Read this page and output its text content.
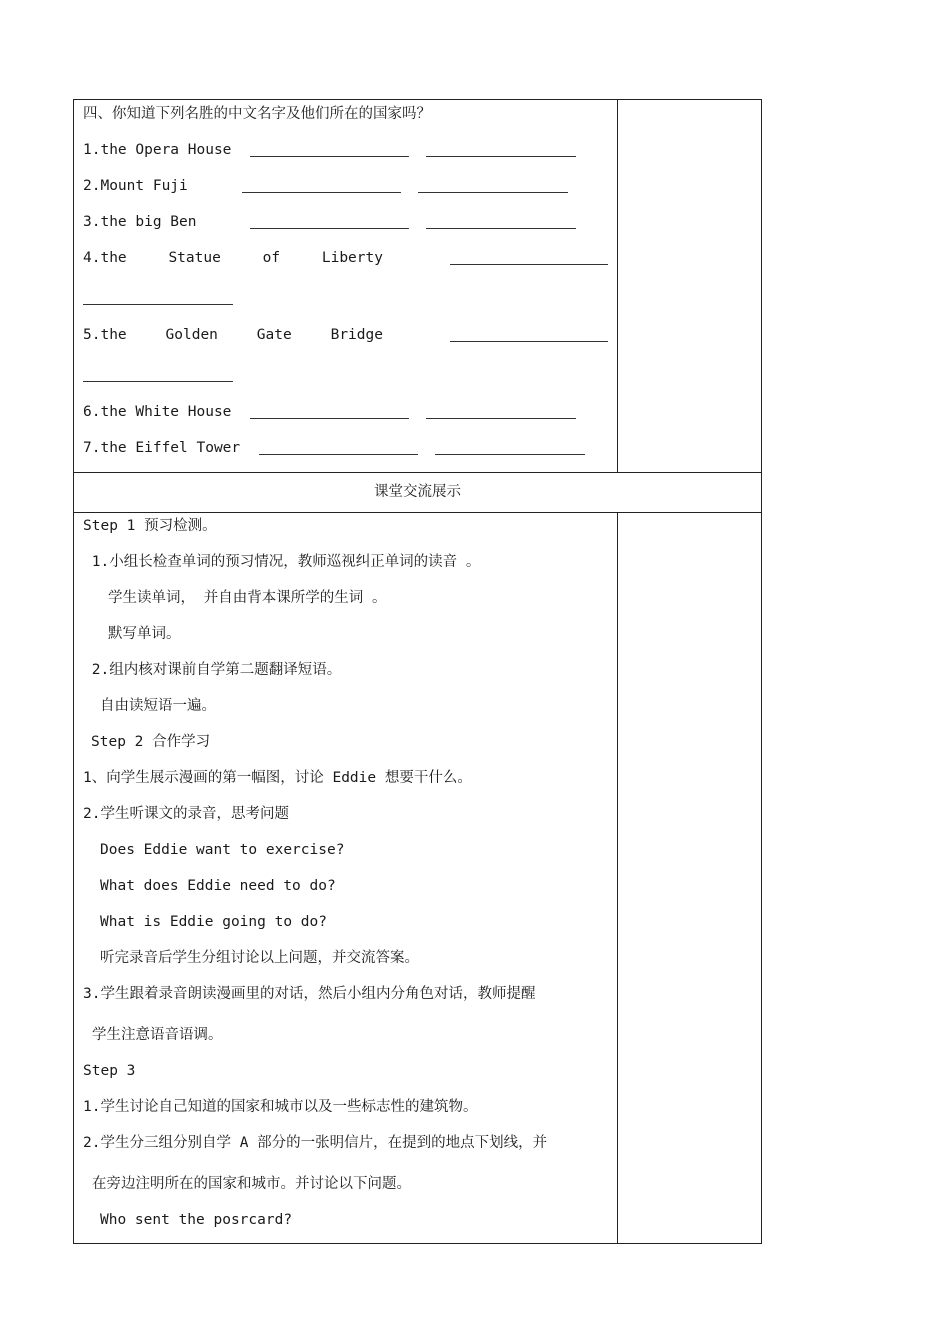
四、你知道下列名胜的中文名字及他们所在的国家吗？
1.the Opera House
2.Mount Fuji
3.the big Ben
4.the	Statue	of	Liberty
5.the	Golden	Gate	Bridge
6.the White House
7.the Eiffel Tower
课堂交流展示
Step 1 预习检测。
1.小组长检查单词的预习情况，教师巡视纠正单词的读音 。
学生读单词， 并自由背本课所学的生词 。
默写单词。
2.组内核对课前自学第二题翻译短语。
自由读短语一遍。
Step 2 合作学习
1、向学生展示漫画的第一幅图，讨论 Eddie 想要干什么。
2.学生听课文的录音，思考问题
Does Eddie want to exercise?
What does Eddie need to do?
What is Eddie going to do?
听完录音后学生分组讨论以上问题，并交流答案。
3.学生跟着录音朗读漫画里的对话，然后小组内分角色对话，教师提醒
学生注意语音语调。
Step 3
1.学生讨论自己知道的国家和城市以及一些标志性的建筑物。
2.学生分三组分别自学 A 部分的一张明信片，在提到的地点下划线，并
在旁边注明所在的国家和城市。并讨论以下问题。
Who sent the posrcard?
